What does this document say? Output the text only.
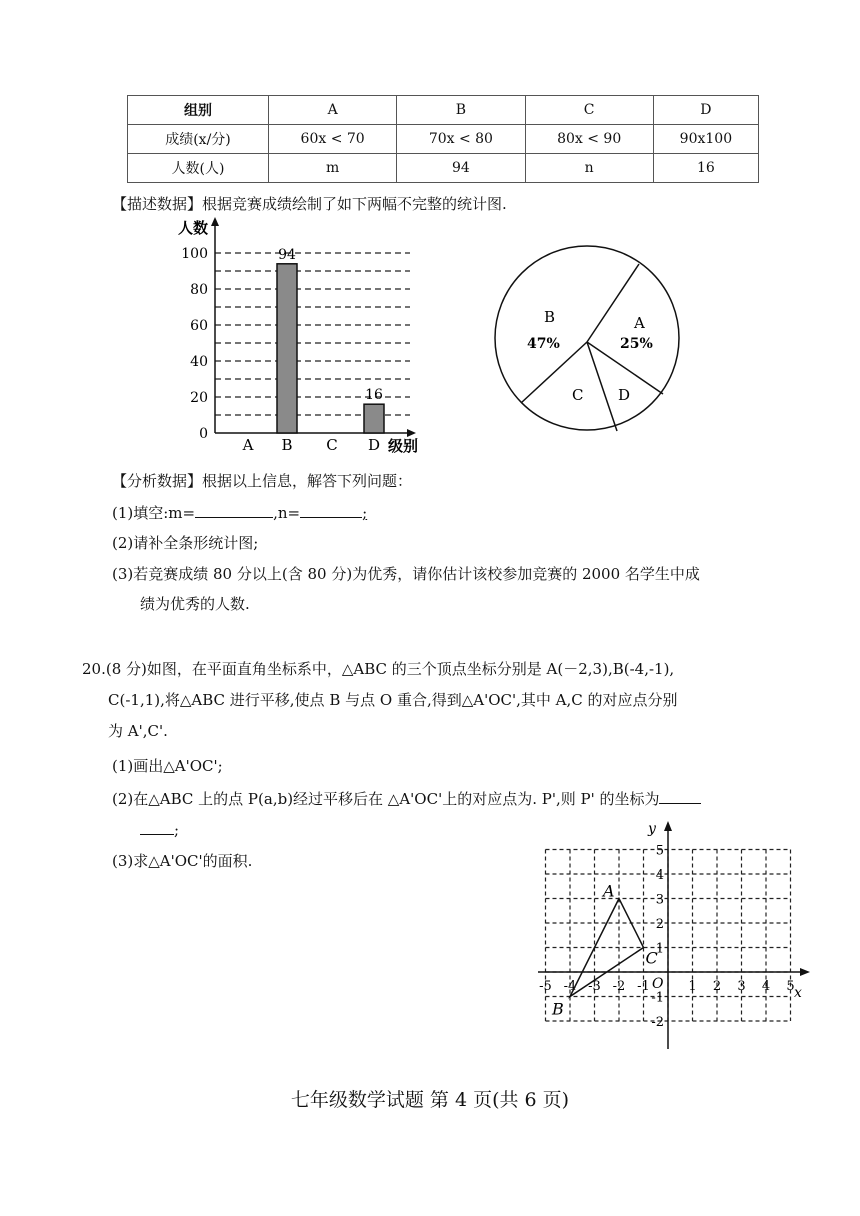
组别	A	B	C	D
成绩(x/分)	60x < 70	70x < 80	80x < 90	90x100
人数(人)	m	94	n	16
【描述数据】根据竞赛成绩绘制了如下两幅不完整的统计图.
人数
级别
0
20
40
60
80
100	94
16
A B C D
A
25%
B
47%
C D
【分析数据】根据以上信息，解答下列问题：
(1)填空:m=	,n=	;
(2)请补全条形统计图;
(3)若竞赛成绩 80 分以上(含 80 分)为优秀，请你估计该校参加竞赛的 2000 名学生中成
绩为优秀的人数.
20.(8 分)如图，在平面直角坐标系中，△ABC 的三个顶点坐标分别是 A(－2,3),B(-4,-1),
C(-1,1),将△ABC 进行平移,使点 B 与点 O 重合,得到△A'OC',其中 A,C 的对应点分别
为 A',C'.
(1)画出△A'OC';
(2)在△ABC 上的点 P(a,b)经过平移后在 △A'OC'上的对应点为. P',则 P' 的坐标为
;
(3)求△A'OC'的面积.
x
y
O
-5 -4 -3 -2 -1	1 2 3 4 5
-2
-1
1
2
3
4
5
A
B
C
七年级数学试题 第 4 页(共 6 页)
